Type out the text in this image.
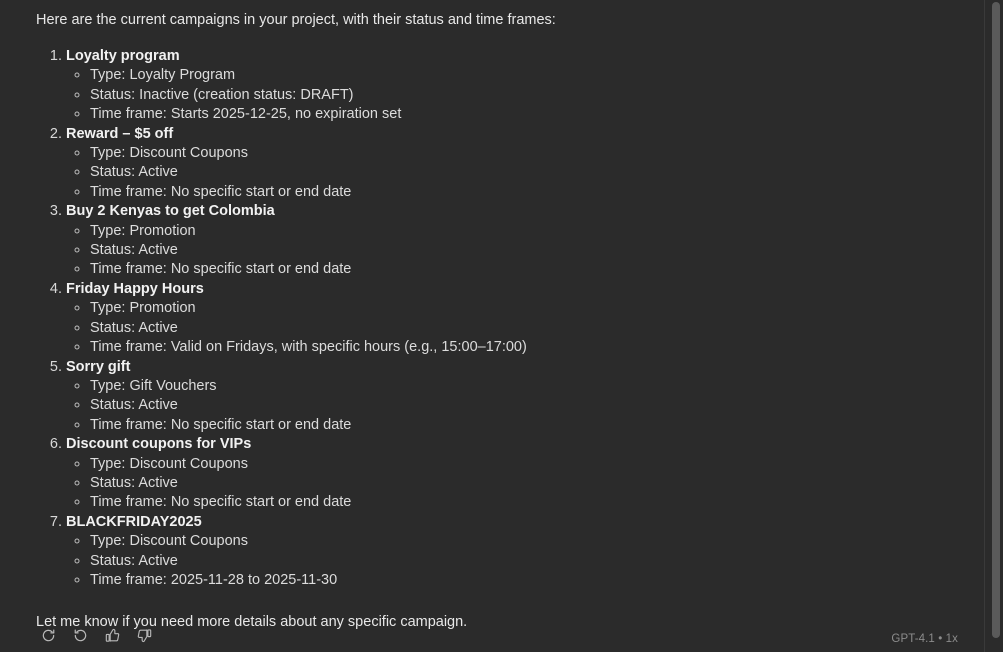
Here are the current campaigns in your project, with their status and time frames:

1. Loyalty program
◦ Type: Loyalty Program
◦ Status: Inactive (creation status: DRAFT)
◦ Time frame: Starts 2025-12-25, no expiration set
2. Reward – $5 off
◦ Type: Discount Coupons
◦ Status: Active
◦ Time frame: No specific start or end date
3. Buy 2 Kenyas to get Colombia
◦ Type: Promotion
◦ Status: Active
◦ Time frame: No specific start or end date
4. Friday Happy Hours
◦ Type: Promotion
◦ Status: Active
◦ Time frame: Valid on Fridays, with specific hours (e.g., 15:00–17:00)
5. Sorry gift
◦ Type: Gift Vouchers
◦ Status: Active
◦ Time frame: No specific start or end date
6. Discount coupons for VIPs
◦ Type: Discount Coupons
◦ Status: Active
◦ Time frame: No specific start or end date
7. BLACKFRIDAY2025
◦ Type: Discount Coupons
◦ Status: Active
◦ Time frame: 2025-11-28 to 2025-11-30

Let me know if you need more details about any specific campaign.

GPT-4.1 • 1x
